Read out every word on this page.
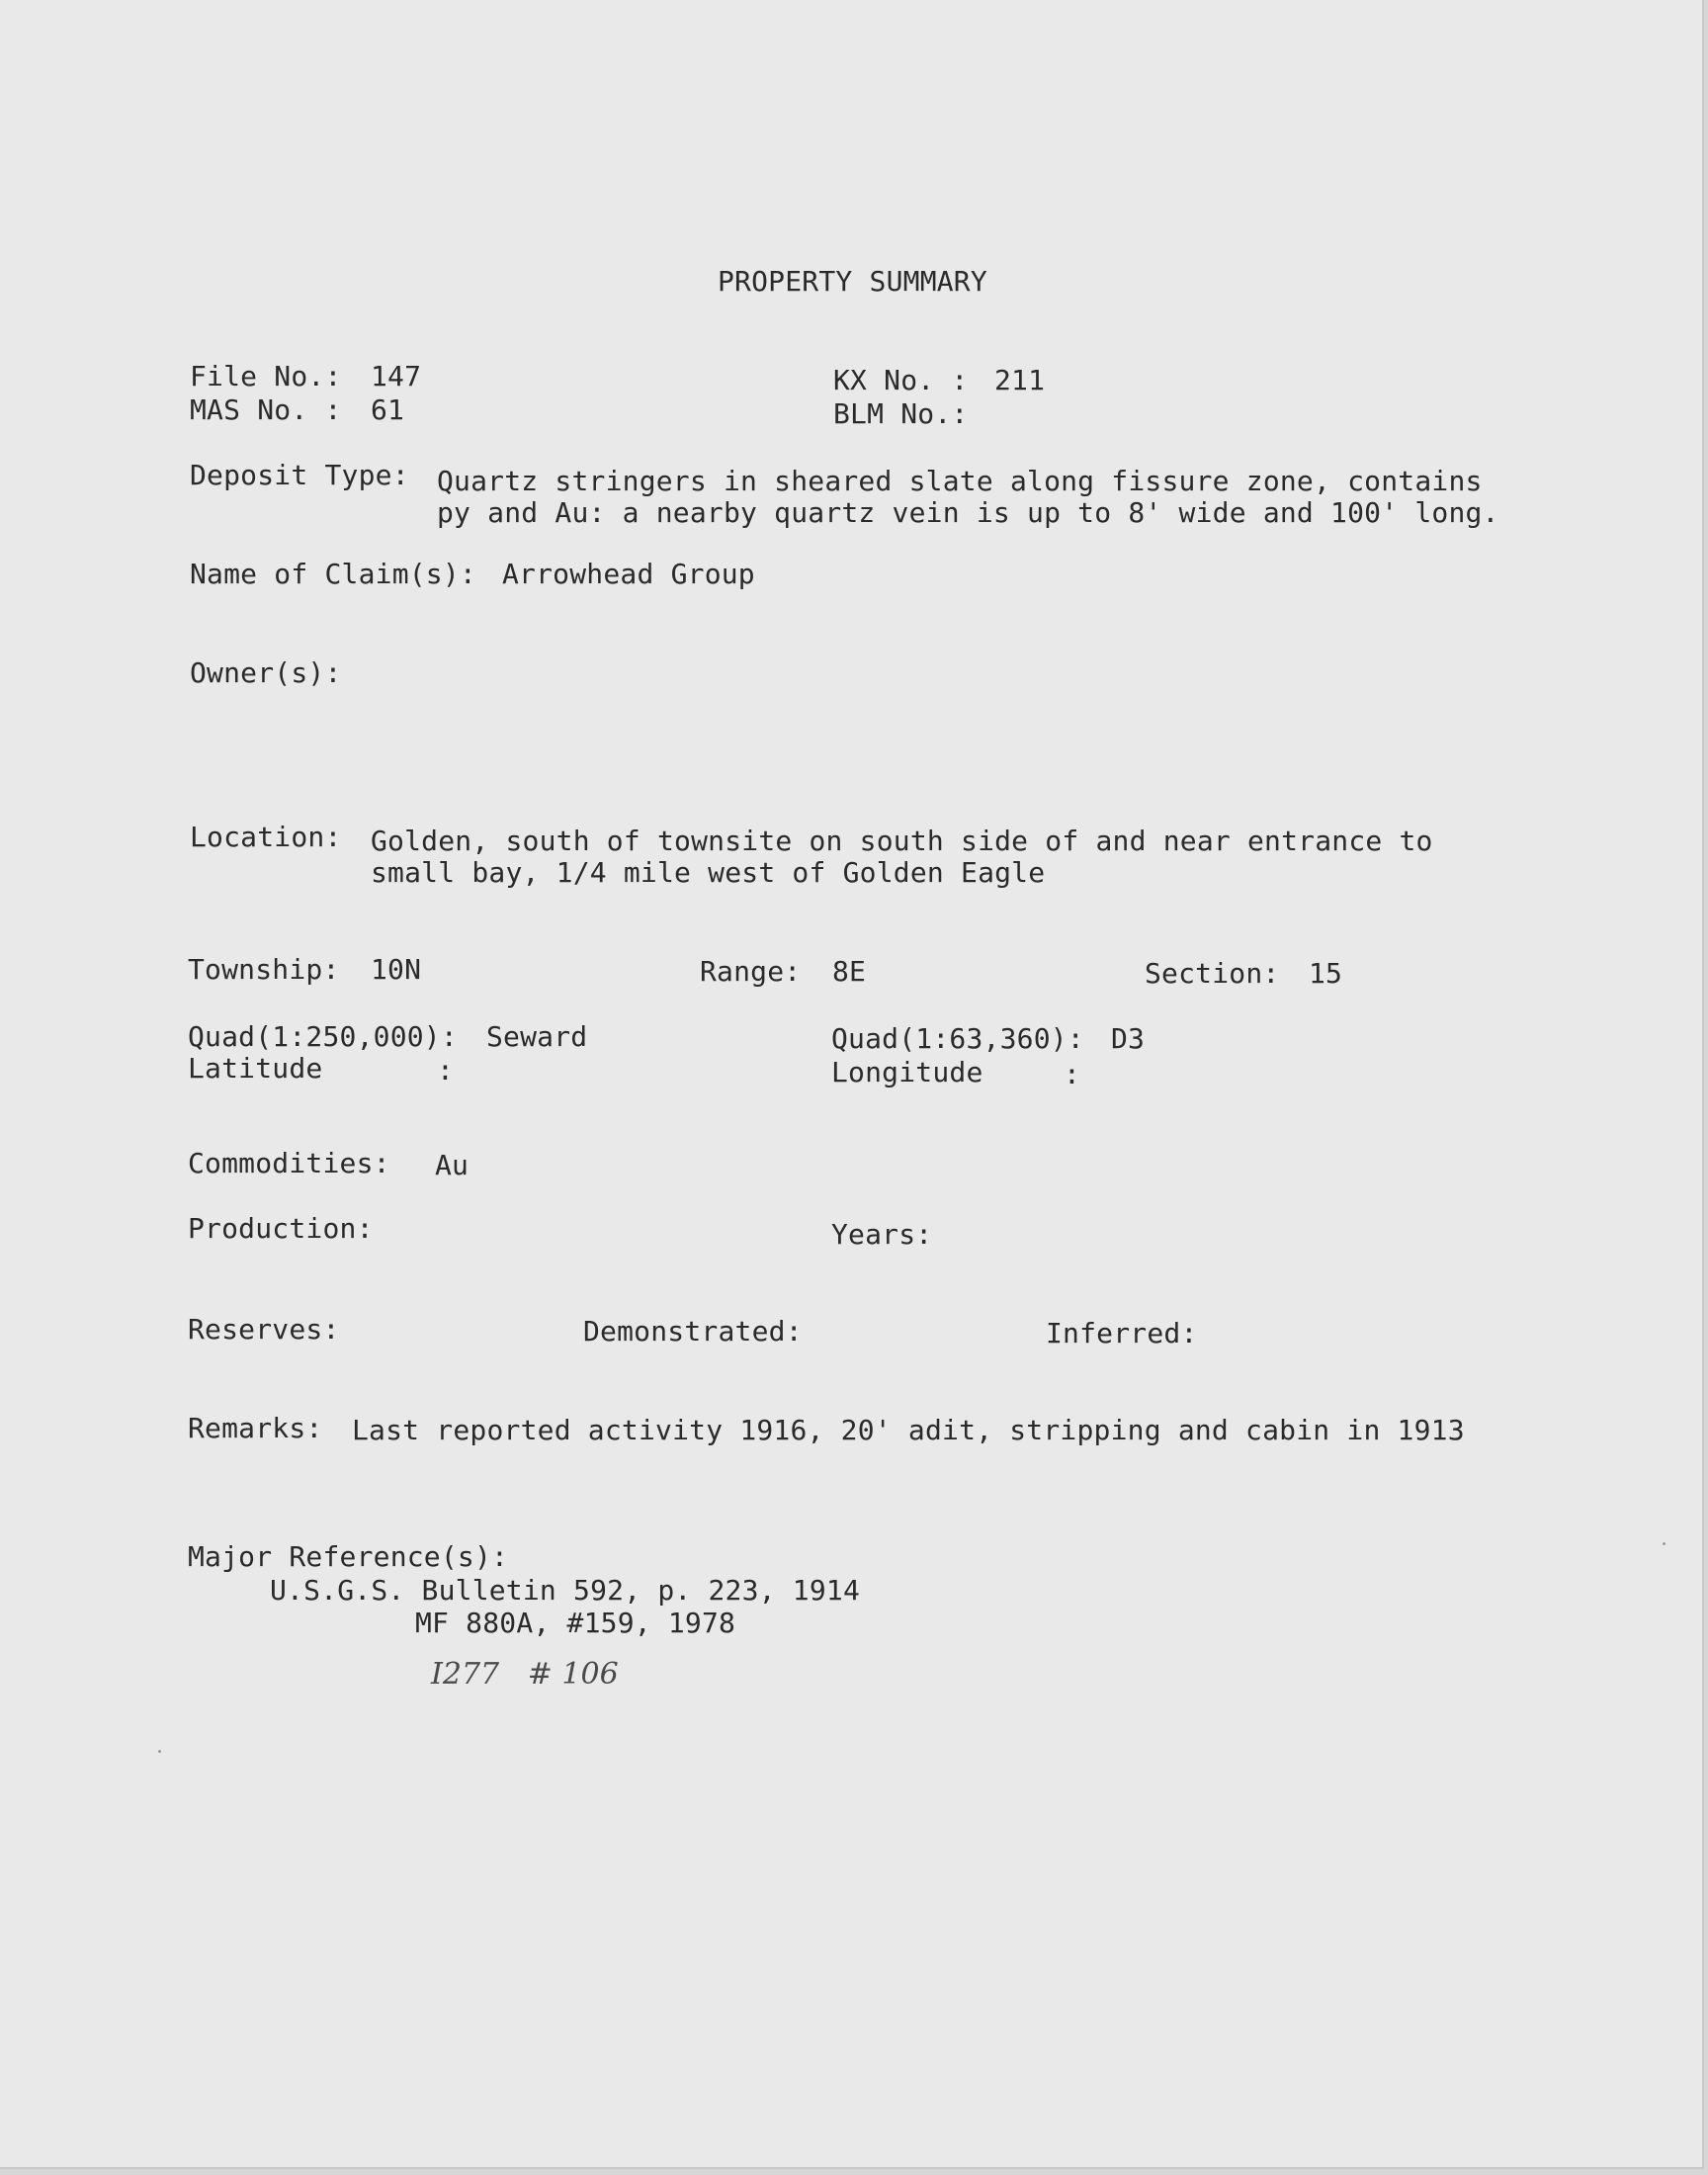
PROPERTY SUMMARY
File No.: 147
MAS No. : 61
KX No. : 211
BLM No.:
Deposit Type: Quartz stringers in sheared slate along fissure zone, contains
py and Au: a nearby quartz vein is up to 8' wide and 100' long.
Name of Claim(s): Arrowhead Group
Owner(s):
Location: Golden, south of townsite on south side of and near entrance to
small bay, 1/4 mile west of Golden Eagle
Township: 10N	Range: 8E	Section: 15
Quad(1:250,000): Seward
Latitude	:
Quad(1:63,360): D3
Longitude	:
Commodities: Au
Production:	Years:
Reserves:	Demonstrated:	Inferred:
Remarks: Last reported activity 1916, 20' adit, stripping and cabin in 1913
Major Reference(s):
U.S.G.S. Bulletin 592, p. 223, 1914
MF 880A, #159, 1978
I277   # 106
